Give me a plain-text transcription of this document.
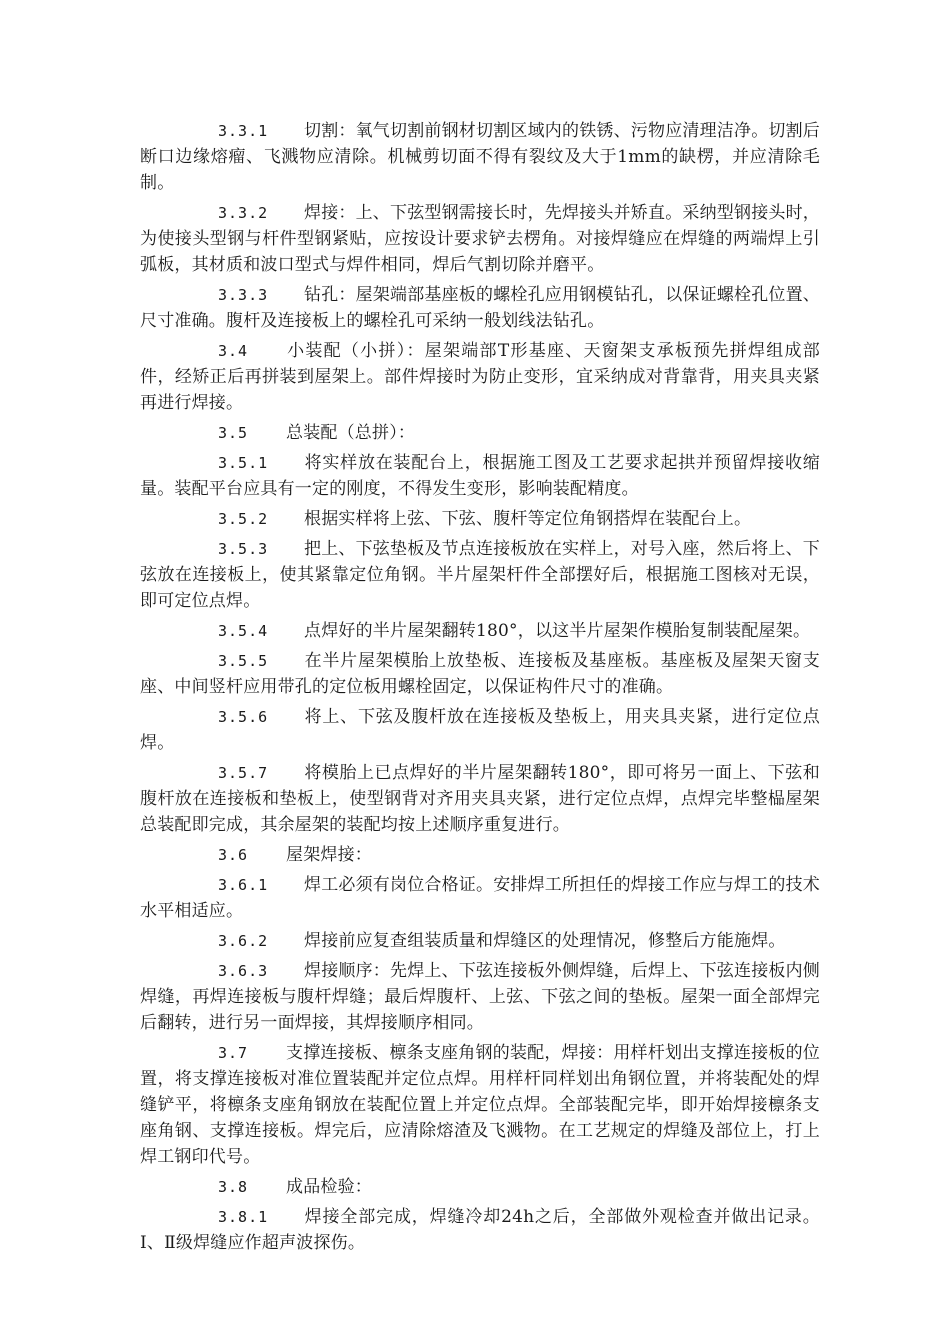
3.3.1 切割：氧气切割前钢材切割区域内的铁锈、污物应清理洁净。切割后断口边缘熔瘤、飞溅物应清除。机械剪切面不得有裂纹及大于1mm的缺楞，并应清除毛制。

3.3.2 焊接：上、下弦型钢需接长时，先焊接头并矫直。采纳型钢接头时，为使接头型钢与杆件型钢紧贴，应按设计要求铲去楞角。对接焊缝应在焊缝的两端焊上引弧板，其材质和波口型式与焊件相同，焊后气割切除并磨平。

3.3.3 钻孔：屋架端部基座板的螺栓孔应用钢模钻孔，以保证螺栓孔位置、尺寸准确。腹杆及连接板上的螺栓孔可采纳一般划线法钻孔。

3.4 小装配（小拼）：屋架端部T形基座、天窗架支承板预先拼焊组成部件，经矫正后再拼装到屋架上。部件焊接时为防止变形，宜采纳成对背靠背，用夹具夹紧再进行焊接。

3.5 总装配（总拼）：

3.5.1 将实样放在装配台上，根据施工图及工艺要求起拱并预留焊接收缩量。装配平台应具有一定的刚度，不得发生变形，影响装配精度。

3.5.2 根据实样将上弦、下弦、腹杆等定位角钢搭焊在装配台上。

3.5.3 把上、下弦垫板及节点连接板放在实样上，对号入座，然后将上、下弦放在连接板上，使其紧靠定位角钢。半片屋架杆件全部摆好后，根据施工图核对无误，即可定位点焊。

3.5.4 点焊好的半片屋架翻转180°，以这半片屋架作模胎复制装配屋架。

3.5.5 在半片屋架模胎上放垫板、连接板及基座板。基座板及屋架天窗支座、中间竖杆应用带孔的定位板用螺栓固定，以保证构件尺寸的准确。

3.5.6 将上、下弦及腹杆放在连接板及垫板上，用夹具夹紧，进行定位点焊。

3.5.7 将模胎上已点焊好的半片屋架翻转180°，即可将另一面上、下弦和腹杆放在连接板和垫板上，使型钢背对齐用夹具夹紧，进行定位点焊，点焊完毕整榀屋架总装配即完成，其余屋架的装配均按上述顺序重复进行。

3.6 屋架焊接：

3.6.1 焊工必须有岗位合格证。安排焊工所担任的焊接工作应与焊工的技术水平相适应。

3.6.2 焊接前应复查组装质量和焊缝区的处理情况，修整后方能施焊。

3.6.3 焊接顺序：先焊上、下弦连接板外侧焊缝，后焊上、下弦连接板内侧焊缝，再焊连接板与腹杆焊缝；最后焊腹杆、上弦、下弦之间的垫板。屋架一面全部焊完后翻转，进行另一面焊接，其焊接顺序相同。

3.7 支撑连接板、檩条支座角钢的装配，焊接：用样杆划出支撑连接板的位置，将支撑连接板对准位置装配并定位点焊。用样杆同样划出角钢位置，并将装配处的焊缝铲平，将檩条支座角钢放在装配位置上并定位点焊。全部装配完毕，即开始焊接檩条支座角钢、支撑连接板。焊完后，应清除熔渣及飞溅物。在工艺规定的焊缝及部位上，打上焊工钢印代号。

3.8 成品检验：

3.8.1 焊接全部完成，焊缝冷却24h之后，全部做外观检查并做出记录。Ⅰ、Ⅱ级焊缝应作超声波探伤。
